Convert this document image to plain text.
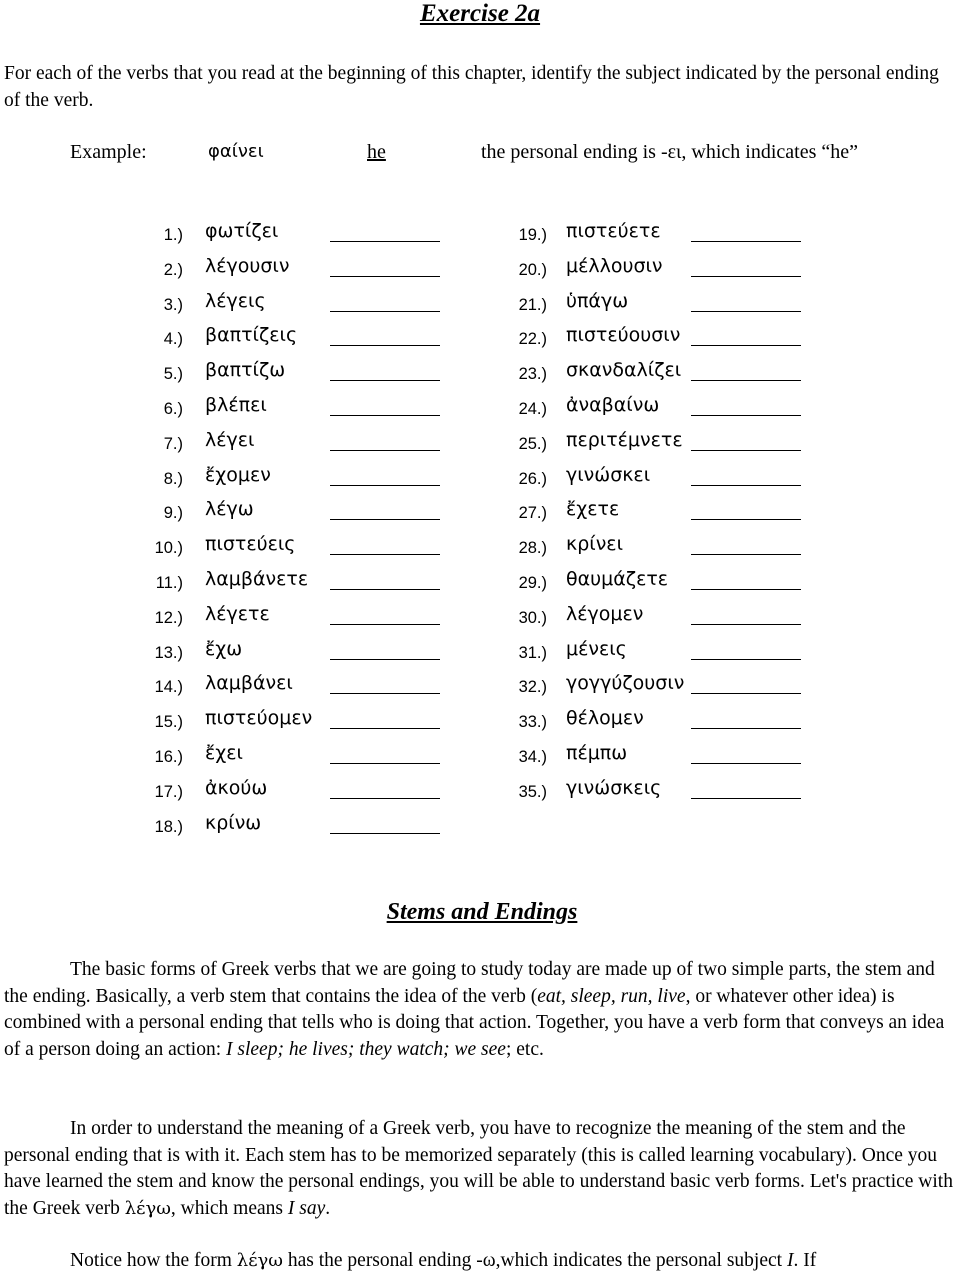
Exercise 2a
For each of the verbs that you read at the beginning of this chapter, identify the subject indicated by the personal ending of the verb.
Example:	φαίνει	he	the personal ending is -ει, which indicates “he”
1.) φωτίζει
2.) λέγουσιν
3.) λέγεις
4.) βαπτίζεις
5.) βαπτίζω
6.) βλέπει
7.) λέγει
8.) ἔχομεν
9.) λέγω
10.) πιστεύεις
11.) λαμβάνετε
12.) λέγετε
13.) ἔχω
14.) λαμβάνει
15.) πιστεύομεν
16.) ἔχει
17.) ἀκούω
18.) κρίνω
19.) πιστεύετε
20.) μέλλουσιν
21.) ὑπάγω
22.) πιστεύουσιν
23.) σκανδαλίζει
24.) ἀναβαίνω
25.) περιτέμνετε
26.) γινώσκει
27.) ἔχετε
28.) κρίνει
29.) θαυμάζετε
30.) λέγομεν
31.) μένεις
32.) γογγύζουσιν
33.) θέλομεν
34.) πέμπω
35.) γινώσκεις
Stems and Endings
The basic forms of Greek verbs that we are going to study today are made up of two simple parts, the stem and the ending. Basically, a verb stem that contains the idea of the verb (eat, sleep, run, live, or whatever other idea) is combined with a personal ending that tells who is doing that action. Together, you have a verb form that conveys an idea of a person doing an action: I sleep; he lives; they watch; we see; etc.
In order to understand the meaning of a Greek verb, you have to recognize the meaning of the stem and the personal ending that is with it. Each stem has to be memorized separately (this is called learning vocabulary). Once you have learned the stem and know the personal endings, you will be able to understand basic verb forms. Let's practice with the Greek verb λέγω, which means I say.
Notice how the form λέγω has the personal ending -ω,which indicates the personal subject I. If
